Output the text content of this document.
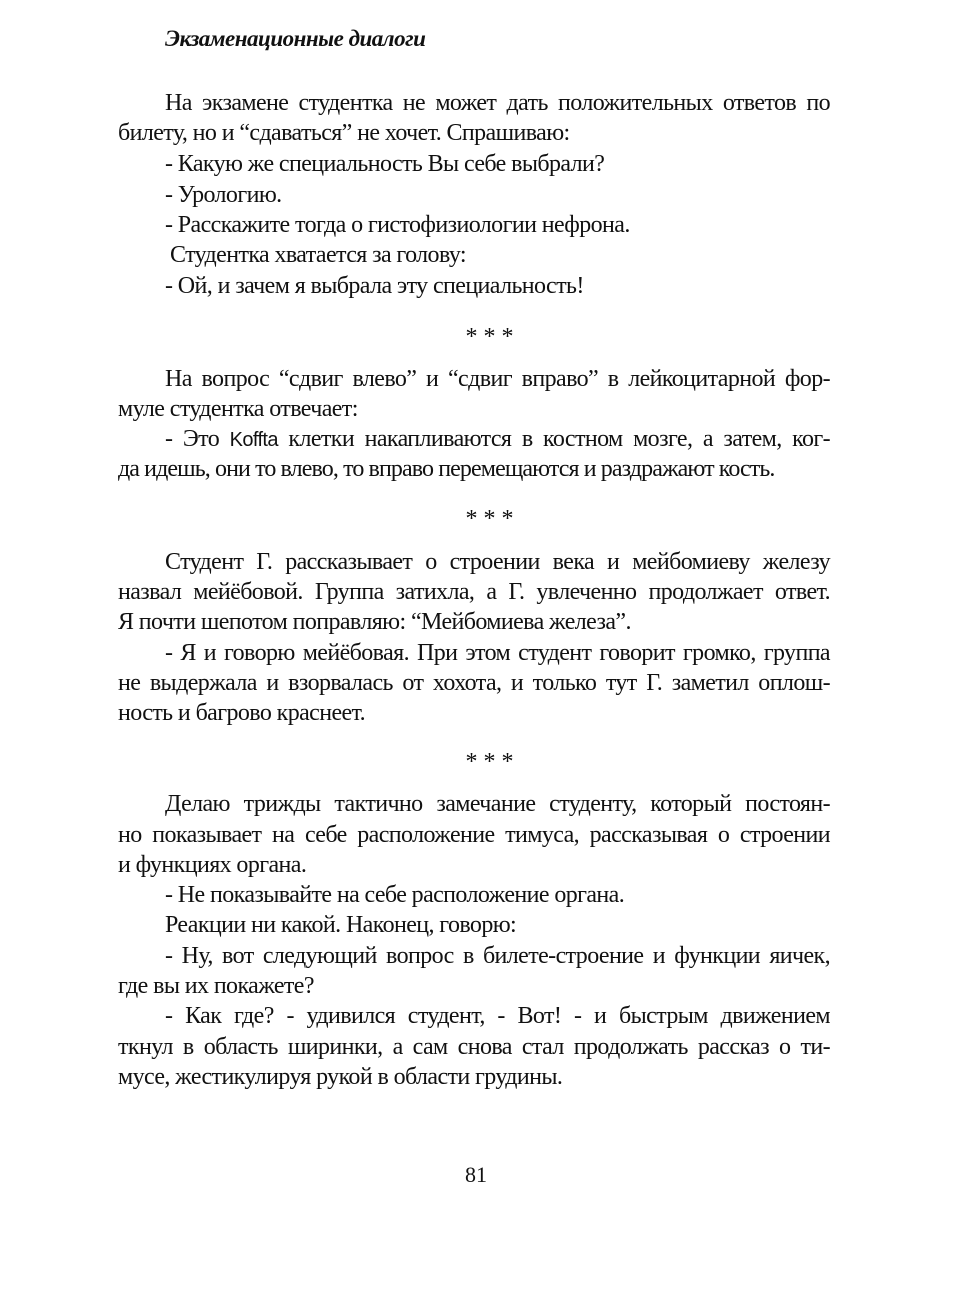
Экзаменационные диалоги
На экзамене студентка не может дать положительных ответов по
билету, но и “сдаваться” не хочет. Спрашиваю:
- Какую же специальность Вы себе выбрали?
- Урологию.
- Расскажите тогда о гистофизиологии нефрона.
Студентка хватается за голову:
- Ой, и зачем я выбрала эту специальность!
* * *
На вопрос “сдвиг влево” и “сдвиг вправо” в лейкоцитарной фор-
муле студентка отвечает:
- Это Koffta клетки накапливаются в костном мозге, а затем, ког-
да идешь, они то влево, то вправо перемещаются и раздражают кость.
* * *
Студент Г. рассказывает о строении века и мейбомиеву железу
назвал мейёбовой. Группа затихла, а Г. увлеченно продолжает ответ.
Я почти шепотом поправляю: “Мейбомиева железа”.
- Я и говорю мейёбовая. При этом студент говорит громко, группа
не выдержала и взорвалась от хохота, и только тут Г. заметил оплош-
ность и багрово краснеет.
* * *
Делаю трижды тактично замечание студенту, который постоян-
но показывает на себе расположение тимуса, рассказывая о строении
и функциях органа.
- Не показывайте на себе расположение органа.
Реакции ни какой. Наконец, говорю:
- Ну, вот следующий вопрос в билете-строение и функции яичек,
где вы их покажете?
- Как где? - удивился студент, - Вот! - и быстрым движением
ткнул в область ширинки, а сам снова стал продолжать рассказ о ти-
мусе, жестикулируя рукой в области грудины.
81
